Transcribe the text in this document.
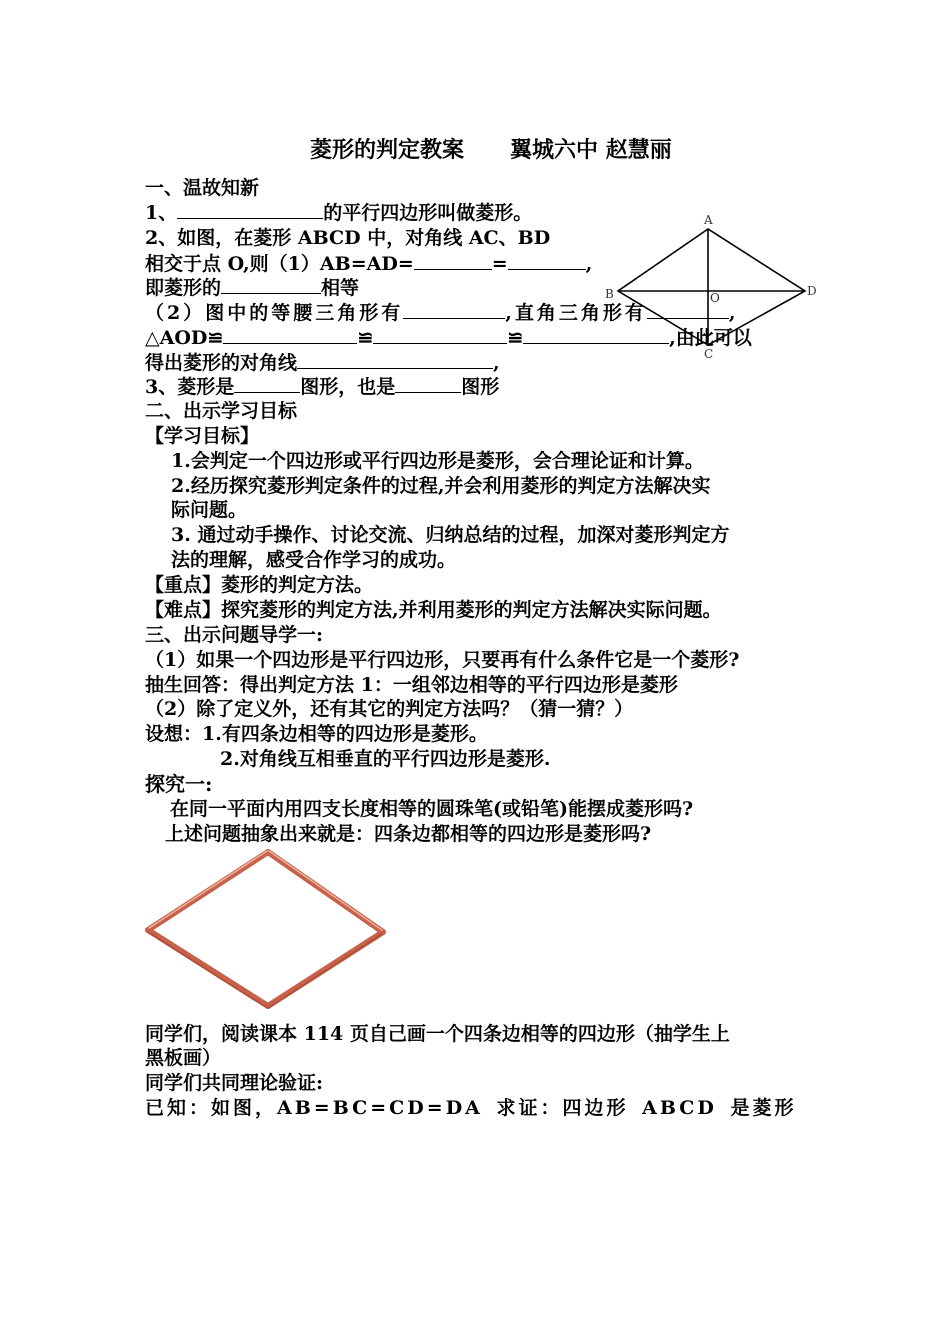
菱形的判定教案 翼城六中 赵慧丽
一、温故知新
1、	的平行四边形叫做菱形。
2、如图，在菱形 ABCD 中，对角线 AC、BD
相交于点 O,则（1）AB=AD=	=	,
即菱形的	相等
（2）图中的等腰三角形有	,直角三角形有	,
△AOD≌	≌	≌	,由此可以
得出菱形的对角线	,
3、菱形是	图形，也是	图形
A
B
C
D
O
二、出示学习目标
【学习目标】
1.会判定一个四边形或平行四边形是菱形，会合理论证和计算。
2.经历探究菱形判定条件的过程,并会利用菱形的判定方法解决实
际问题。
3. 通过动手操作、讨论交流、归纳总结的过程，加深对菱形判定方
法的理解，感受合作学习的成功。
【重点】菱形的判定方法。
【难点】探究菱形的判定方法,并利用菱形的判定方法解决实际问题。
三、出示问题导学一:
（1）如果一个四边形是平行四边形，只要再有什么条件它是一个菱形?
抽生回答：得出判定方法 1：一组邻边相等的平行四边形是菱形
（2）除了定义外，还有其它的判定方法吗？（猜一猜？）
设想：1.有四条边相等的四边形是菱形。
2.对角线互相垂直的平行四边形是菱形.
探究一:
在同一平面内用四支长度相等的圆珠笔(或铅笔)能摆成菱形吗?
上述问题抽象出来就是：四条边都相等的四边形是菱形吗?
同学们，阅读课本 114 页自己画一个四条边相等的四边形（抽学生上
黑板画）
同学们共同理论验证:
已知：如图，AB=BC=CD=DA 求证：四边形 ABCD 是菱形
